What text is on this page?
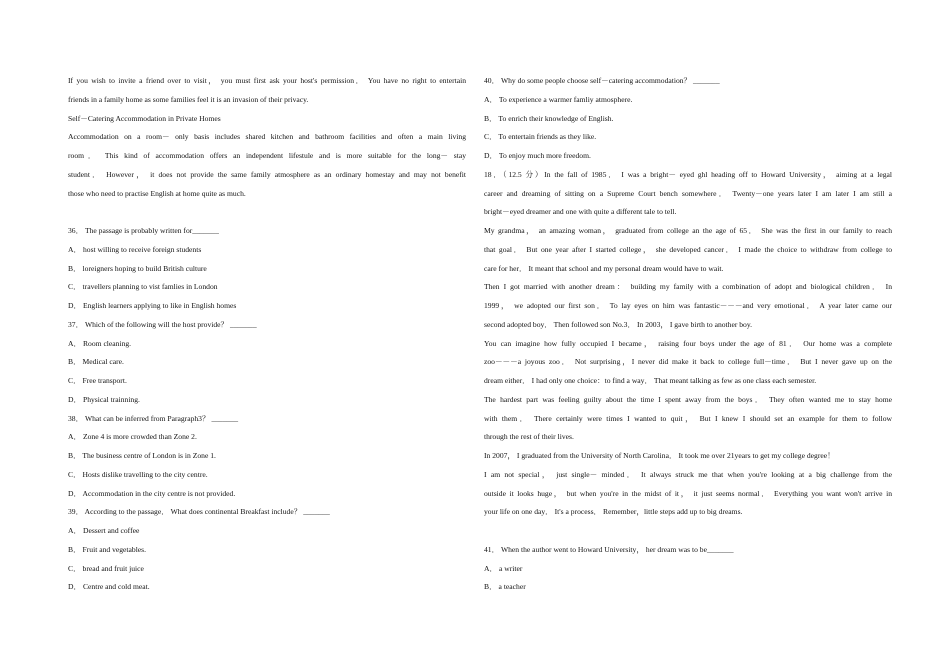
If you wish to invite a friend over to visit， you must first ask your host's permission． You have no right to entertain

friends in a family home as some families feel it is an invasion of their privacy.

Self－Catering Accommodation in Private Homes

Accommodation on a room－ only basis includes shared kitchen and bathroom facilities and often a main living

room． This kind of accommodation offers an independent lifestule and is more suitable for the long－ stay

student． However， it does not provide the same family atmosphere as an ordinary homestay and may not benefit

those who need to practise English at home quite as much.

36． The passage is probably written for_______

A． host willing to receive foreign students

B． loreigners hoping to build British culture

C． travellers planning to vist famlies in London

D． English learners applying to like in English homes

37． Which of the following will the host provide？ _______

A． Room cleaning.

B． Medical care.

C． Free transport.

D． Physical trainning.

38． What can be inferred from Paragraph3？ _______

A． Zone 4 is more crowded than Zone 2.

B． The business centre of London is in Zone 1.

C． Hosts dislike travelling to the city centre.

D． Accommodation in the city centre is not provided.

39． According to the passage． What does continental Breakfast include？ _______

A． Dessert and coffee

B． Fruit and vegetables.

C． bread and fruit juice

D． Centre and cold meat.

40． Why do some people choose self－catering accommodation？ _______

A． To experience a warmer famliy atmosphere.

B． To enrich their knowledge of English.

C． To entertain friends as they like.

D． To enjoy much more freedom.

18．（12.5 分）In the fall of 1985． I was a bright－ eyed ghl heading off to Howard University， aiming at a legal

career and dreaming of sitting on a Supreme Court bench somewhere． Twenty－one years later I am later I am still a

bright－eyed dreamer and one with quite a different tale to tell.

My grandma， an amazing woman， graduated from college an the age of 65． She was the first in our family to reach

that goal． But one year after I started college， she developed cancer． I made the choice to withdraw from college to

care for her． It meant that school and my personal dream would have to wait.

Then I got married with another dream： building my family with a combination of adopt and biological children． In

1999， we adopted our first son． To lay eyes on him was fantastic－－－and very emotional． A year later came our

second adopted boy． Then followed son No.3． In 2003， I gave birth to another boy.

You can imagine how fully occupied I became， raising four boys under the age of 81． Our home was a complete

zoo－－－a joyous zoo． Not surprising，I never did make it back to college full－time． But I never gave up on the

dream either． I had only one choice：to find a way． That meant talking as few as one class each semester.

The hardest part was feeling guilty about the time I spent away from the boys． They often wanted me to stay home

with them． There certainly were times I wanted to quit， But I knew I should set an example for them to follow

through the rest of their lives.

In 2007， I graduated from the University of North Carolina． It took me over 21years to get my college degree！

I am not special， just single－ minded． It always struck me that when you're looking at a big challenge from the

outside it looks huge， but when you're in the midst of it， it just seems normal． Everything you want won't arrive in

your life on one day． It's a process． Remember，little steps add up to big dreams.

41． When the author went to Howard University， her dream was to be_______

A． a writer

B． a teacher
